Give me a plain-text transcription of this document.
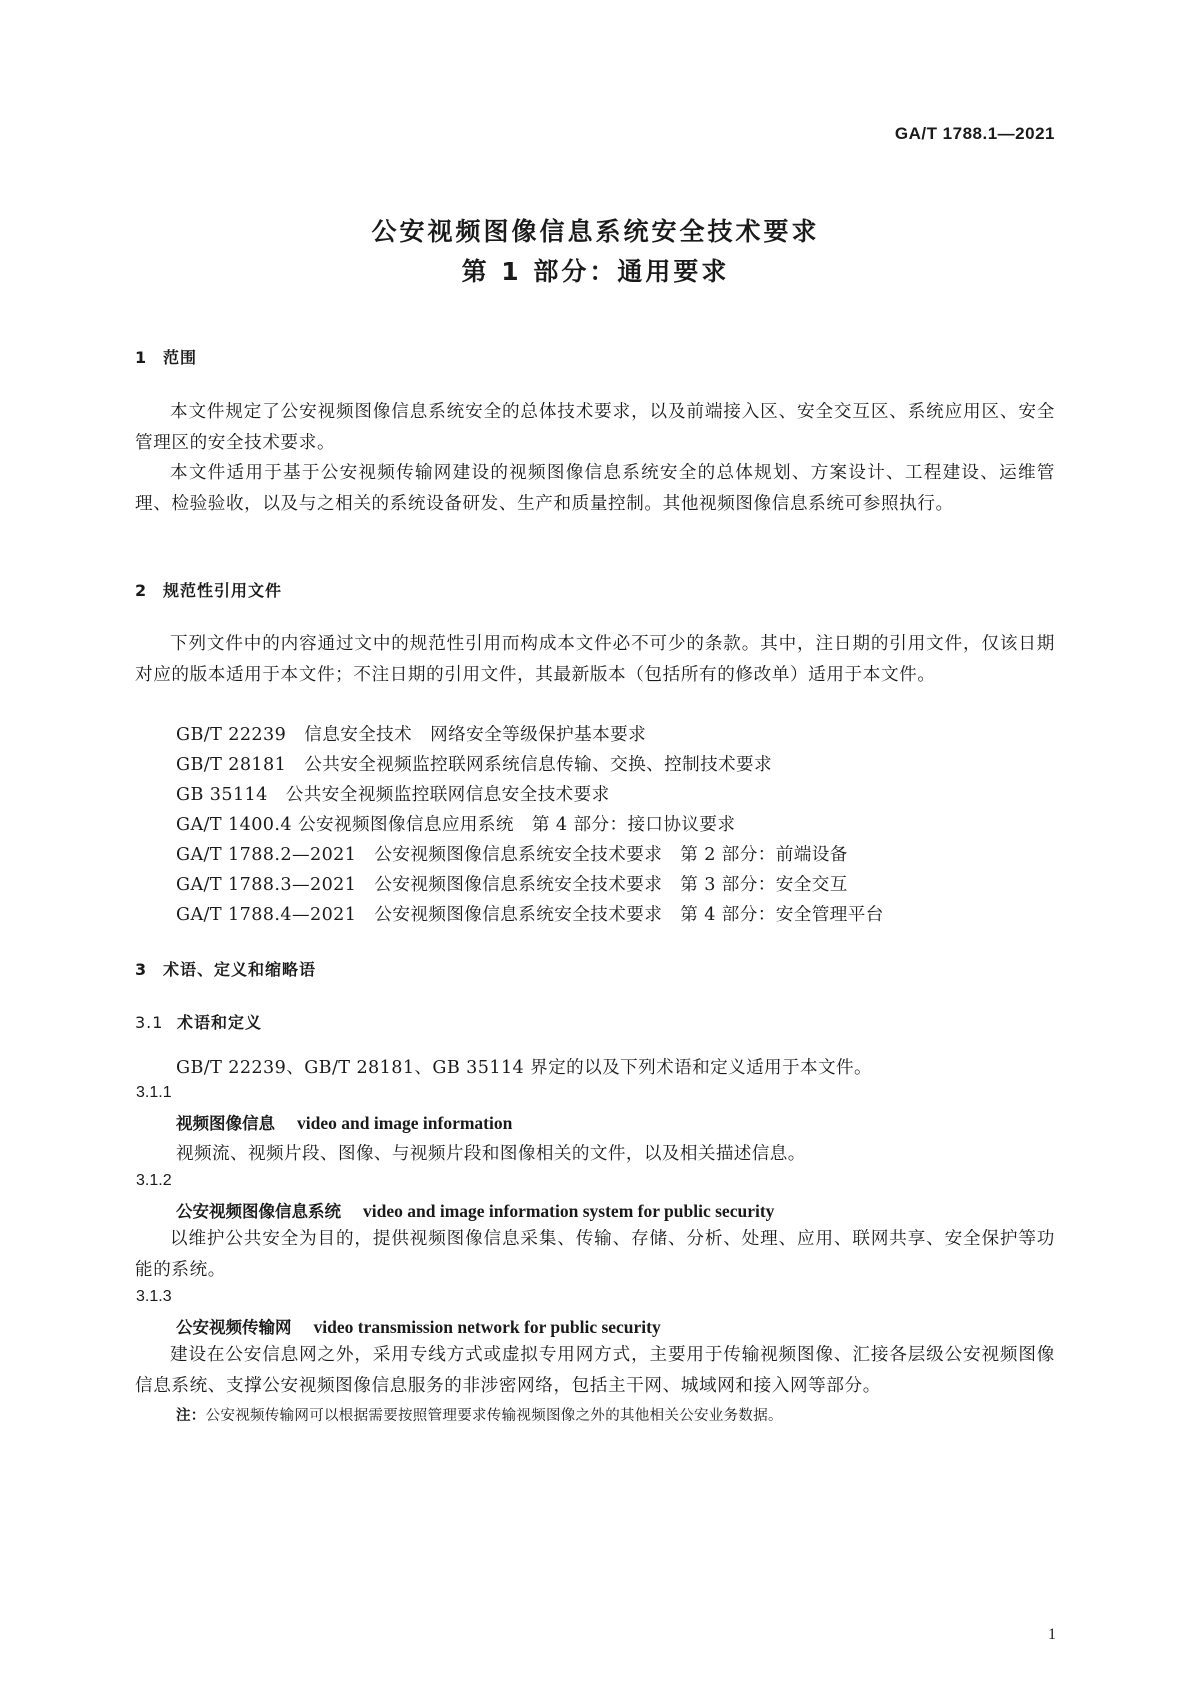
GA/T 1788.1—2021
公安视频图像信息系统安全技术要求
第 1 部分：通用要求
1 范围
本文件规定了公安视频图像信息系统安全的总体技术要求，以及前端接入区、安全交互区、系统应用区、安全管理区的安全技术要求。
本文件适用于基于公安视频传输网建设的视频图像信息系统安全的总体规划、方案设计、工程建设、运维管理、检验验收，以及与之相关的系统设备研发、生产和质量控制。其他视频图像信息系统可参照执行。
2 规范性引用文件
下列文件中的内容通过文中的规范性引用而构成本文件必不可少的条款。其中，注日期的引用文件，仅该日期对应的版本适用于本文件；不注日期的引用文件，其最新版本（包括所有的修改单）适用于本文件。
GB/T 22239　信息安全技术　网络安全等级保护基本要求
GB/T 28181　公共安全视频监控联网系统信息传输、交换、控制技术要求
GB 35114　公共安全视频监控联网信息安全技术要求
GA/T 1400.4 公安视频图像信息应用系统　第 4 部分：接口协议要求
GA/T 1788.2—2021　公安视频图像信息系统安全技术要求　第 2 部分：前端设备
GA/T 1788.3—2021　公安视频图像信息系统安全技术要求　第 3 部分：安全交互
GA/T 1788.4—2021　公安视频图像信息系统安全技术要求　第 4 部分：安全管理平台
3 术语、定义和缩略语
3.1 术语和定义
GB/T 22239、GB/T 28181、GB 35114 界定的以及下列术语和定义适用于本文件。
3.1.1
视频图像信息 video and image information
视频流、视频片段、图像、与视频片段和图像相关的文件，以及相关描述信息。
3.1.2
公安视频图像信息系统 video and image information system for public security
以维护公共安全为目的，提供视频图像信息采集、传输、存储、分析、处理、应用、联网共享、安全保护等功能的系统。
3.1.3
公安视频传输网 video transmission network for public security
建设在公安信息网之外，采用专线方式或虚拟专用网方式，主要用于传输视频图像、汇接各层级公安视频图像信息系统、支撑公安视频图像信息服务的非涉密网络，包括主干网、城域网和接入网等部分。
注：公安视频传输网可以根据需要按照管理要求传输视频图像之外的其他相关公安业务数据。
1
